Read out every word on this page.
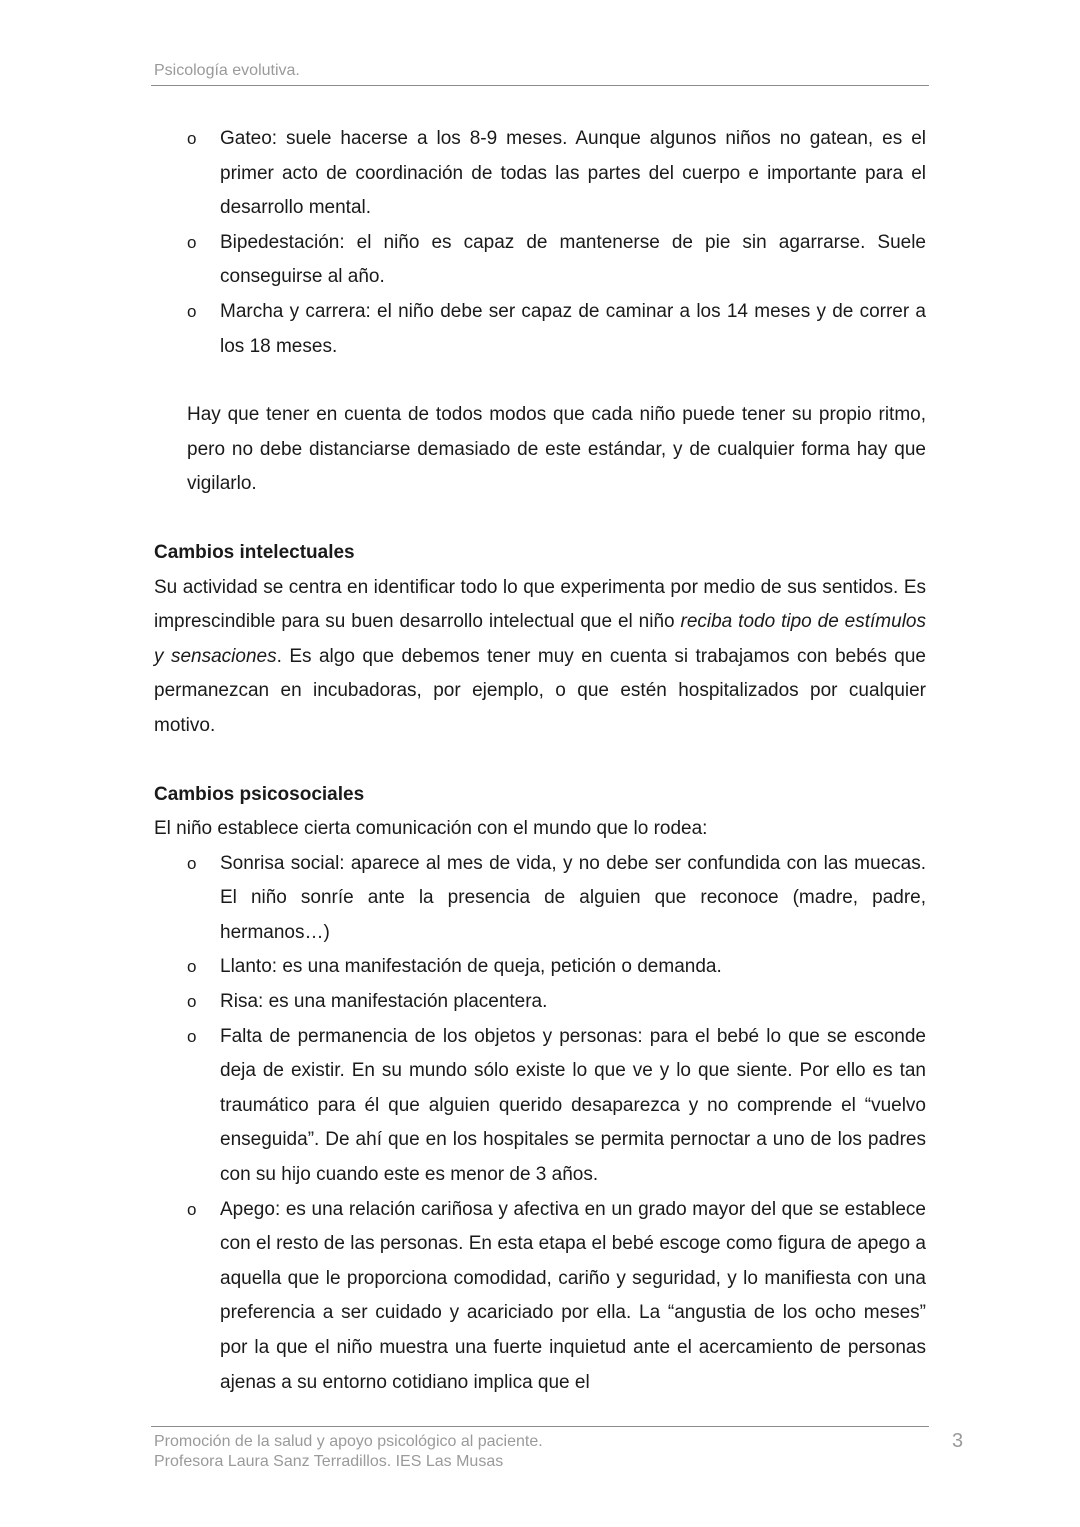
Psicología evolutiva.
o Gateo: suele hacerse a los 8-9 meses. Aunque algunos niños no gatean, es el primer acto de coordinación de todas las partes del cuerpo e importante para el desarrollo mental.
o Bipedestación: el niño es capaz de mantenerse de pie sin agarrarse. Suele conseguirse al año.
o Marcha y carrera: el niño debe ser capaz de caminar a los 14 meses y de correr a los 18 meses.

Hay que tener en cuenta de todos modos que cada niño puede tener su propio ritmo, pero no debe distanciarse demasiado de este estándar, y de cualquier forma hay que vigilarlo.

Cambios intelectuales

Su actividad se centra en identificar todo lo que experimenta por medio de sus sentidos. Es imprescindible para su buen desarrollo intelectual que el niño reciba todo tipo de estímulos y sensaciones. Es algo que debemos tener muy en cuenta si trabajamos con bebés que permanezcan en incubadoras, por ejemplo, o que estén hospitalizados por cualquier motivo.

Cambios psicosociales

El niño establece cierta comunicación con el mundo que lo rodea:

o Sonrisa social: aparece al mes de vida, y no debe ser confundida con las muecas. El niño sonríe ante la presencia de alguien que reconoce (madre, padre, hermanos…)
o Llanto: es una manifestación de queja, petición o demanda.
o Risa: es una manifestación placentera.
o Falta de permanencia de los objetos y personas: para el bebé lo que se esconde deja de existir. En su mundo sólo existe lo que ve y lo que siente. Por ello es tan traumático para él que alguien querido desaparezca y no comprende el “vuelvo enseguida”. De ahí que en los hospitales se permita pernoctar a uno de los padres con su hijo cuando este es menor de 3 años.
o Apego: es una relación cariñosa y afectiva en un grado mayor del que se establece con el resto de las personas. En esta etapa el bebé escoge como figura de apego a aquella que le proporciona comodidad, cariño y seguridad, y lo manifiesta con una preferencia a ser cuidado y acariciado por ella. La “angustia de los ocho meses” por la que el niño muestra una fuerte inquietud ante el acercamiento de personas ajenas a su entorno cotidiano implica que el
Promoción de la salud y apoyo psicológico al paciente.
Profesora Laura Sanz Terradillos. IES Las Musas
3
